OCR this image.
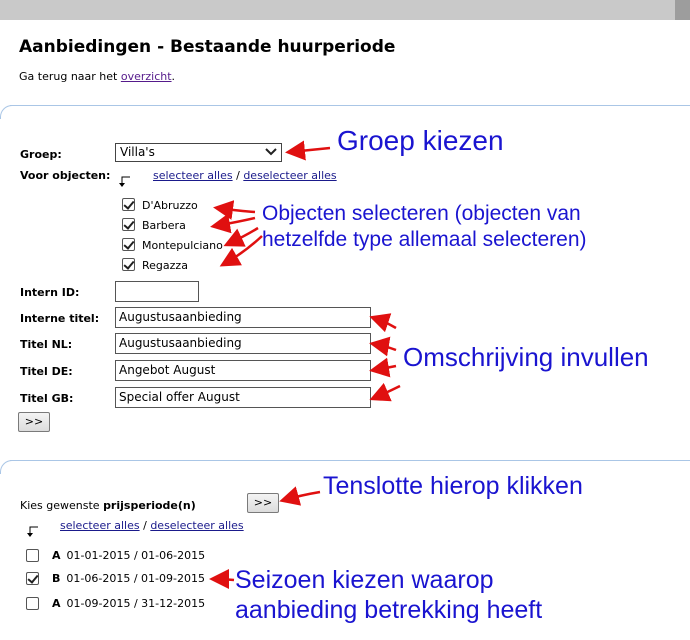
Aanbiedingen - Bestaande huurperiode
Ga terug naar het overzicht.
Groep:	Villa's
Voor objecten:	selecteer alles / deselecteer alles
D'Abruzzo
Barbera
Montepulciano
Regazza
Intern ID:
Interne titel:	Augustusaanbieding
Titel NL:	Augustusaanbieding
Titel DE:	Angebot August
Titel GB:	Special offer August
>>
Kies gewenste prijsperiode(n)	>>
selecteer alles / deselecteer alles
A 01-01-2015 / 01-06-2015
B 01-06-2015 / 01-09-2015
A 01-09-2015 / 31-12-2015
Groep kiezen
Objecten selecteren (objecten van
hetzelfde type allemaal selecteren)
Omschrijving invullen
Tenslotte hierop klikken
Seizoen kiezen waarop
aanbieding betrekking heeft
